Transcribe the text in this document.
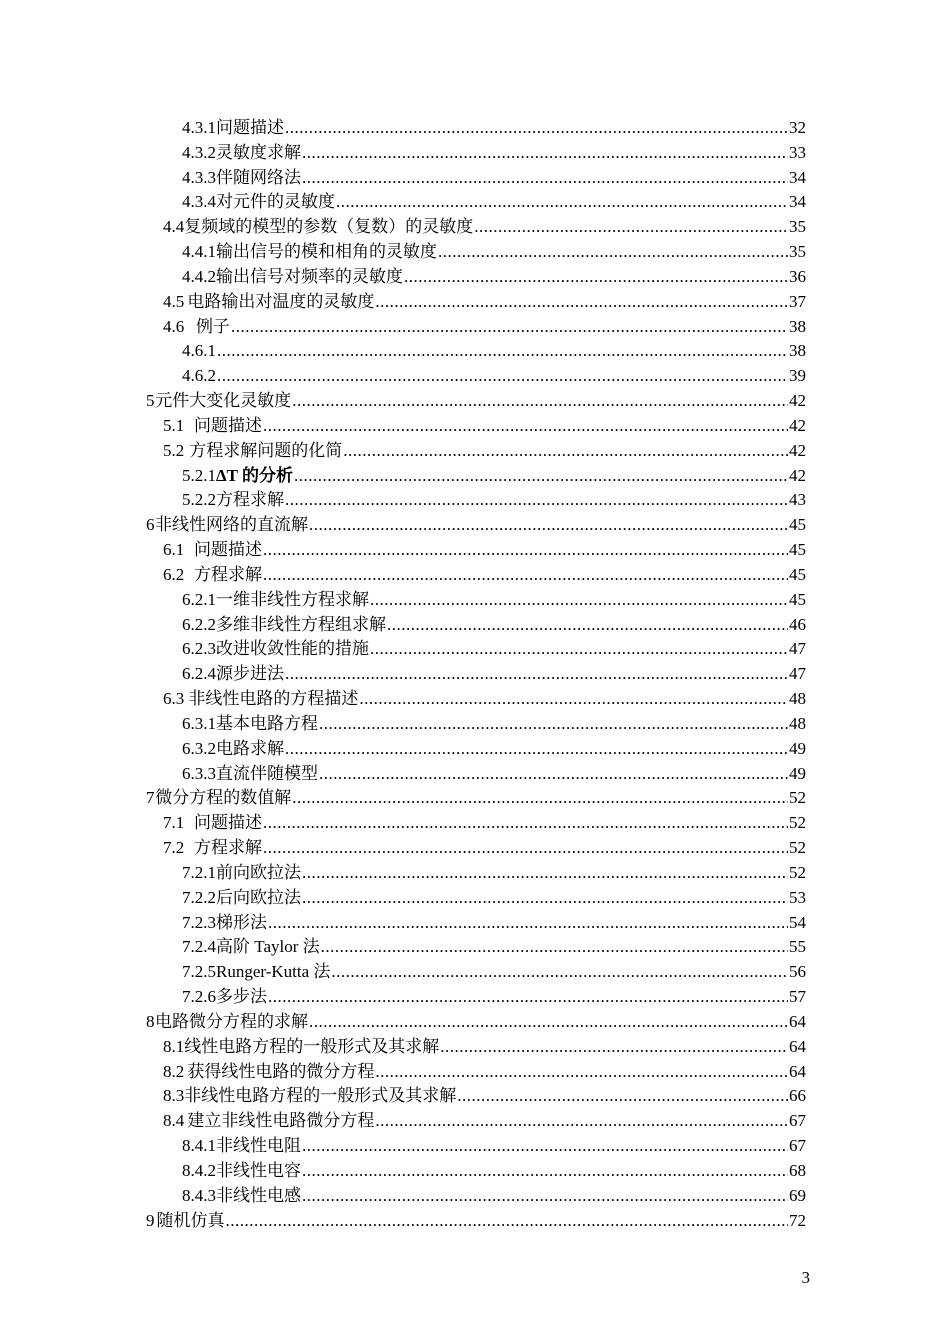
4.3.1 问题描述 .....	32
4.3.2 灵敏度求解 .....	33
4.3.3 伴随网络法 .....	34
4.3.4 对元件的灵敏度 .....	34
4.4 复频域的模型的参数（复数）的灵敏度 .....	35
4.4.1 输出信号的模和相角的灵敏度 .....	35
4.4.2 输出信号对频率的灵敏度 .....	36
4.5 电路输出对温度的灵敏度 .....	37
4.6 例子 .....	38
4.6.1 .....	38
4.6.2 .....	39
5 元件大变化灵敏度 .....	42
5.1 问题描述 .....	42
5.2 方程求解问题的化简 .....	42
5.2.1 ΔT 的分析 .....	42
5.2.2 方程求解 .....	43
6 非线性网络的直流解 .....	45
6.1 问题描述 .....	45
6.2 方程求解 .....	45
6.2.1 一维非线性方程求解 .....	45
6.2.2 多维非线性方程组求解 .....	46
6.2.3 改进收敛性能的措施 .....	47
6.2.4 源步进法 .....	47
6.3 非线性电路的方程描述 .....	48
6.3.1 基本电路方程 .....	48
6.3.2 电路求解 .....	49
6.3.3 直流伴随模型 .....	49
7 微分方程的数值解 .....	52
7.1 问题描述 .....	52
7.2 方程求解 .....	52
7.2.1 前向欧拉法 .....	52
7.2.2 后向欧拉法 .....	53
7.2.3 梯形法 .....	54
7.2.4 高阶 Taylor 法 .....	55
7.2.5 Runger-Kutta 法 .....	56
7.2.6 多步法 .....	57
8 电路微分方程的求解 .....	64
8.1 线性电路方程的一般形式及其求解 .....	64
8.2 获得线性电路的微分方程 .....	64
8.3 非线性电路方程的一般形式及其求解 .....	66
8.4 建立非线性电路微分方程 .....	67
8.4.1 非线性电阻 .....	67
8.4.2 非线性电容 .....	68
8.4.3 非线性电感 .....	69
9 随机仿真 .....	72
3
